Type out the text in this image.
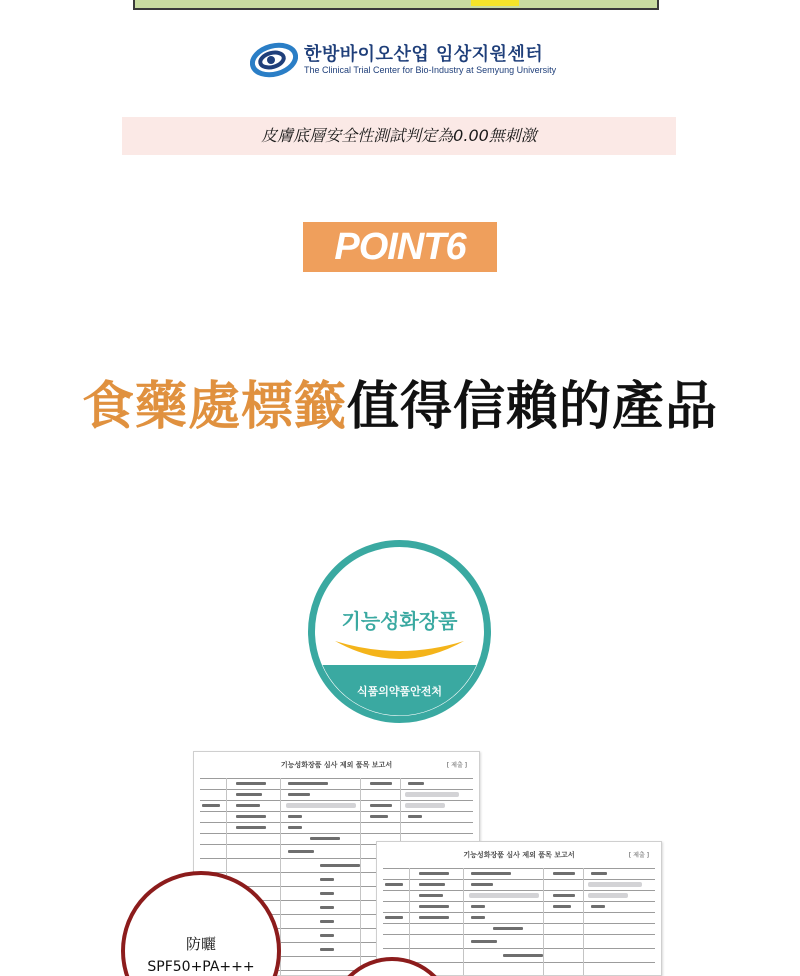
한방바이오산업 임상지원센터
The Clinical Trial Center for Bio-Industry at Semyung University
皮膚底層安全性測試判定為0.00無刺激
POINT6
食藥處標籤值得信賴的產品
기능성화장품
식품의약품안전처
기능성화장품 심사 제외 품목 보고서	[ 제출 ]
기능성화장품 심사 제외 품목 보고서	[ 제출 ]
防曬
SPF50+PA+++
